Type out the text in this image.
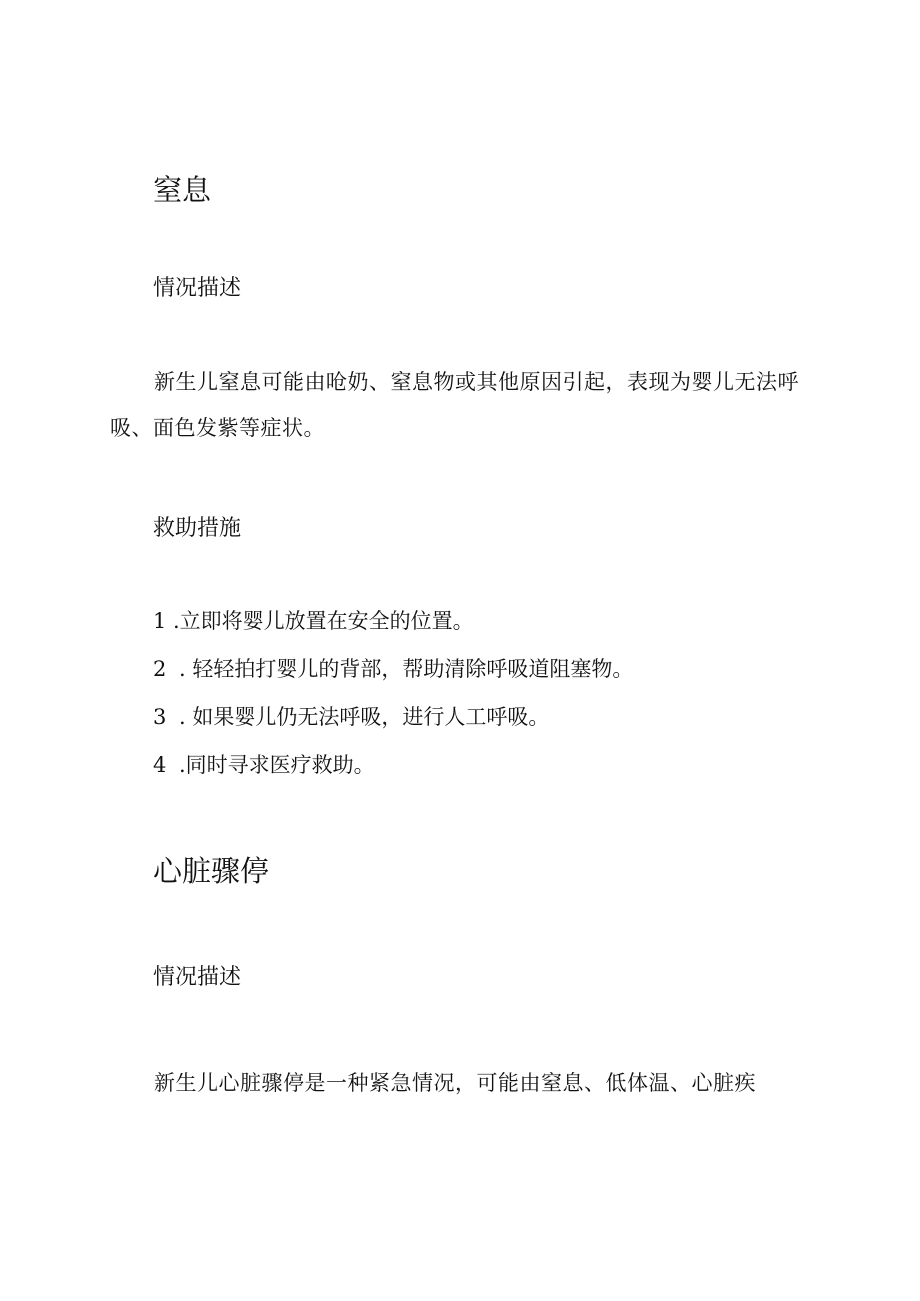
窒息
情况描述

新生儿窒息可能由呛奶、窒息物或其他原因引起，表现为婴儿无法呼吸、面色发紫等症状。

救助措施
1 .立即将婴儿放置在安全的位置。
2 . 轻轻拍打婴儿的背部，帮助清除呼吸道阻塞物。
3 . 如果婴儿仍无法呼吸，进行人工呼吸。
4 .同时寻求医疗救助。
心脏骤停
情况描述

新生儿心脏骤停是一种紧急情况，可能由窒息、低体温、心脏疾
